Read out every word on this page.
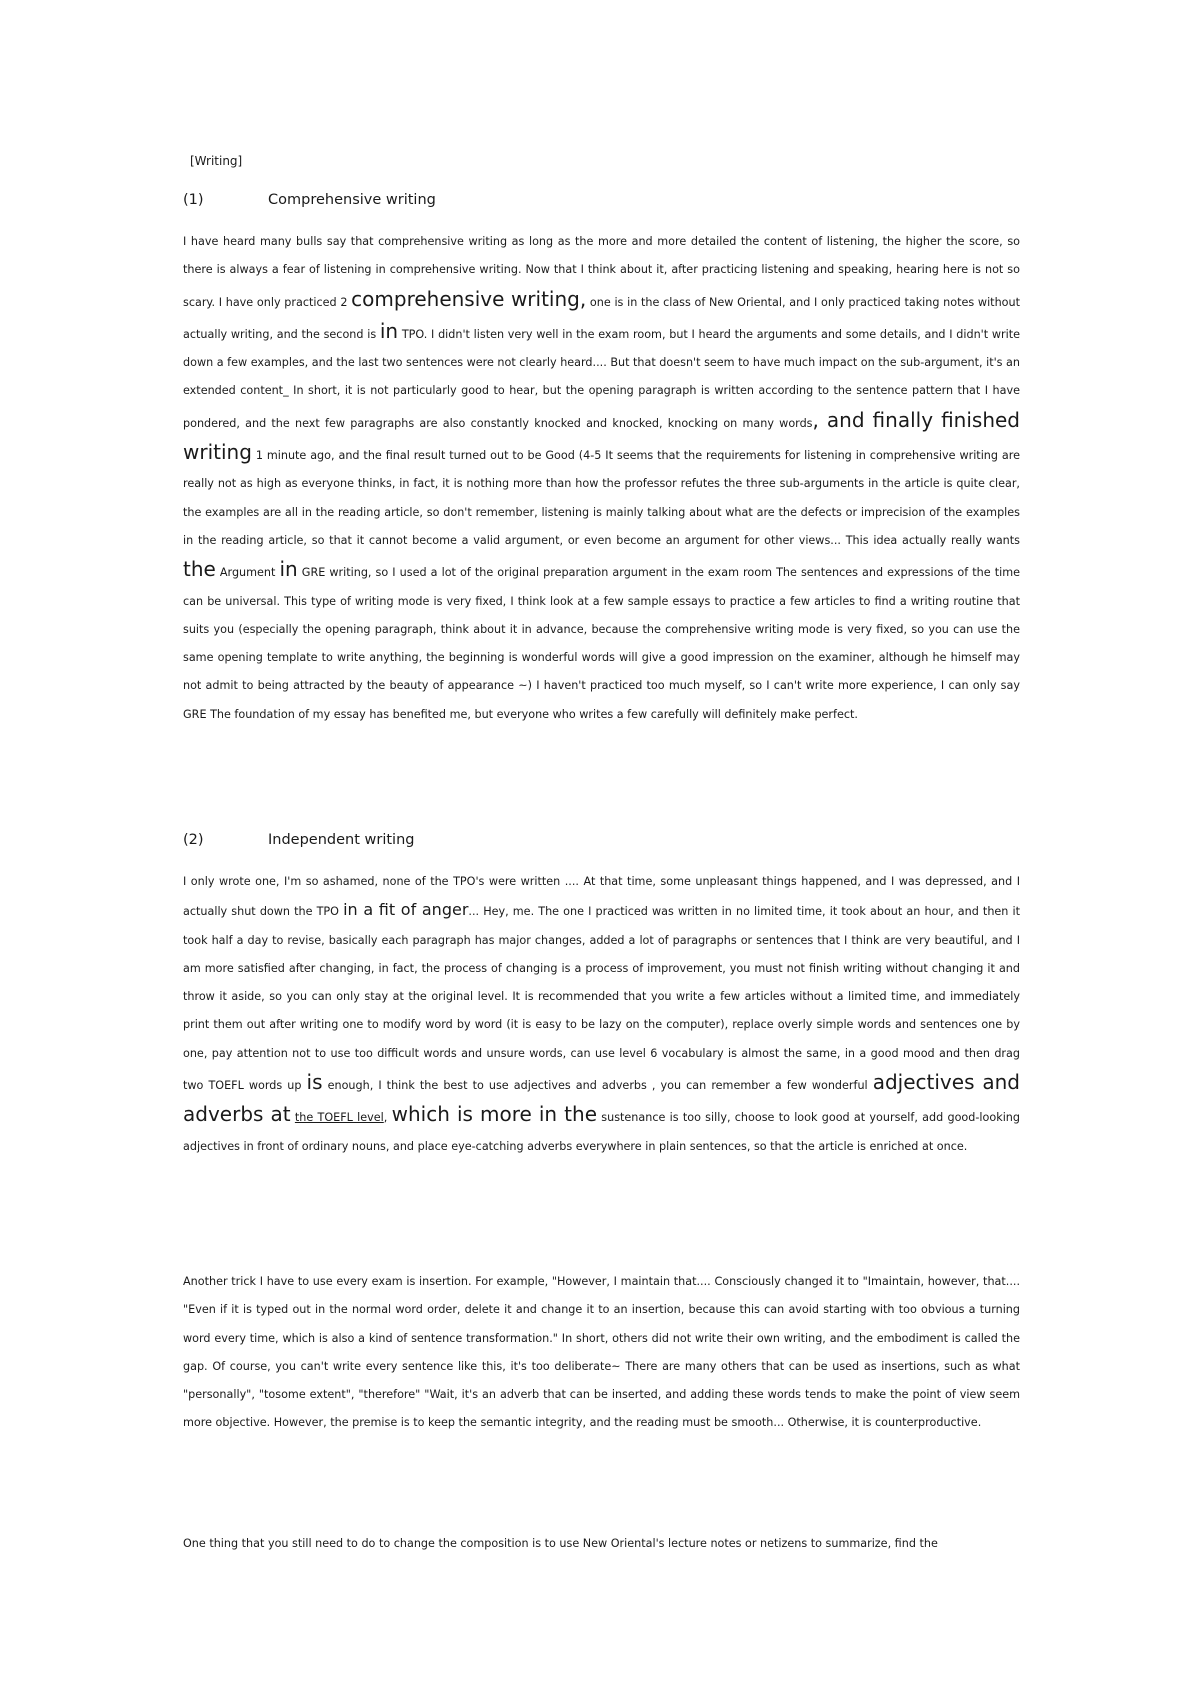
[Writing]
(1)	Comprehensive writing

I have heard many bulls say that comprehensive writing as long as the more and more detailed the content of listening, the higher the score, so there is always a fear of listening in comprehensive writing. Now that I think about it, after practicing listening and speaking, hearing here is not so scary. I have only practiced 2 comprehensive writing, one is in the class of New Oriental, and I only practiced taking notes without actually writing, and the second is in TPO. I didn't listen very well in the exam room, but I heard the arguments and some details, and I didn't write down a few examples, and the last two sentences were not clearly heard.... But that doesn't seem to have much impact on the sub-argument, it's an extended content_ In short, it is not particularly good to hear, but the opening paragraph is written according to the sentence pattern that I have pondered, and the next few paragraphs are also constantly knocked and knocked, knocking on many words, and finally finished writing 1 minute ago, and the final result turned out to be Good (4-5 It seems that the requirements for listening in comprehensive writing are really not as high as everyone thinks, in fact, it is nothing more than how the professor refutes the three sub-arguments in the article is quite clear, the examples are all in the reading article, so don't remember, listening is mainly talking about what are the defects or imprecision of the examples in the reading article, so that it cannot become a valid argument, or even become an argument for other views... This idea actually really wants the Argument in GRE writing, so I used a lot of the original preparation argument in the exam room The sentences and expressions of the time can be universal. This type of writing mode is very fixed, I think look at a few sample essays to practice a few articles to find a writing routine that suits you (especially the opening paragraph, think about it in advance, because the comprehensive writing mode is very fixed, so you can use the same opening template to write anything, the beginning is wonderful words will give a good impression on the examiner, although he himself may not admit to being attracted by the beauty of appearance ~) I haven't practiced too much myself, so I can't write more experience, I can only say GRE The foundation of my essay has benefited me, but everyone who writes a few carefully will definitely make perfect.

(2)	Independent writing

I only wrote one, I'm so ashamed, none of the TPO's were written .... At that time, some unpleasant things happened, and I was depressed, and I actually shut down the TPO in a fit of anger... Hey, me. The one I practiced was written in no limited time, it took about an hour, and then it took half a day to revise, basically each paragraph has major changes, added a lot of paragraphs or sentences that I think are very beautiful, and I am more satisfied after changing, in fact, the process of changing is a process of improvement, you must not finish writing without changing it and throw it aside, so you can only stay at the original level. It is recommended that you write a few articles without a limited time, and immediately print them out after writing one to modify word by word (it is easy to be lazy on the computer), replace overly simple words and sentences one by one, pay attention not to use too difficult words and unsure words, can use level 6 vocabulary is almost the same, in a good mood and then drag two TOEFL words up is enough, I think the best to use adjectives and adverbs , you can remember a few wonderful adjectives and adverbs at the TOEFL level, which is more in the sustenance is too silly, choose to look good at yourself, add good-looking adjectives in front of ordinary nouns, and place eye-catching adverbs everywhere in plain sentences, so that the article is enriched at once.

Another trick I have to use every exam is insertion. For example, "However, I maintain that.... Consciously changed it to "Imaintain, however, that.... "Even if it is typed out in the normal word order, delete it and change it to an insertion, because this can avoid starting with too obvious a turning word every time, which is also a kind of sentence transformation." In short, others did not write their own writing, and the embodiment is called the gap. Of course, you can't write every sentence like this, it's too deliberate~ There are many others that can be used as insertions, such as what "personally", "tosome extent", "therefore" "Wait, it's an adverb that can be inserted, and adding these words tends to make the point of view seem more objective. However, the premise is to keep the semantic integrity, and the reading must be smooth... Otherwise, it is counterproductive.

One thing that you still need to do to change the composition is to use New Oriental's lecture notes or netizens to summarize, find the
